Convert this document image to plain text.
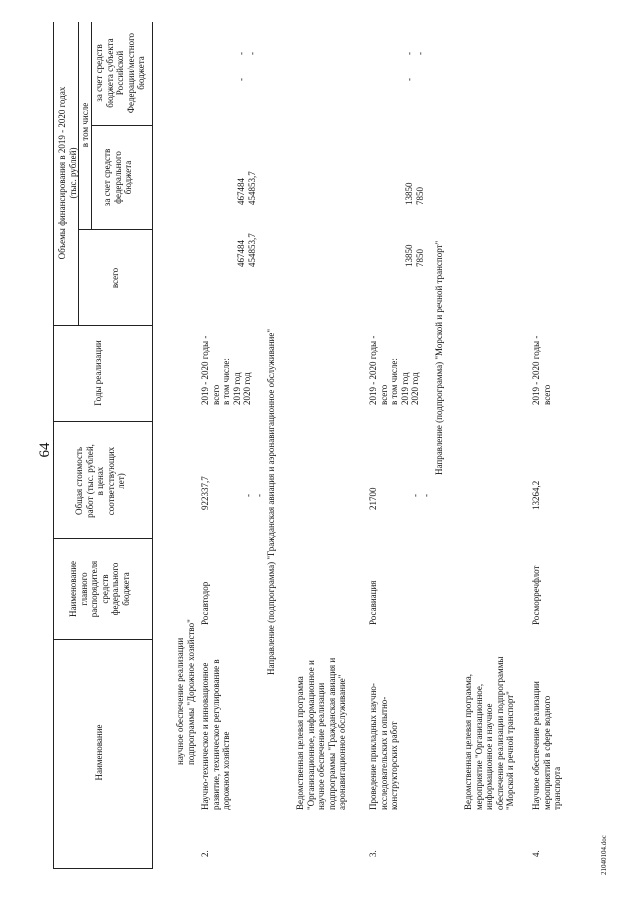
64
Наименование
Наименование
главного
распорядителя
средств
федерального
бюджета
Общая стоимость
работ (тыс. рублей,
в ценах
соответствующих
лет)
Годы реализации
Объемы финансирования в 2019 - 2020 годах
(тыс. рублей)
всего
в том числе
за счет средств
федерального
бюджета
за счет средств
бюджета субъекта
Российской
Федерации/местного
бюджета
научное обеспечение реализации
подпрограммы "Дорожное хозяйство"
2.
Научно-техническое и инновационное
развитие, техническое регулирование в
дорожном хозяйстве
Росавтодор
922337,7
2019 - 2020 годы -
всего
в том числе:
2019 год
2020 год
-
-
467484
454853,7
467484
454853,7
-
-
-
Направление (подпрограмма) "Гражданская авиация и аэронавигационное обслуживание"
Ведомственная целевая программа
"Организационное, информационное и
научное обеспечение реализации
подпрограммы "Гражданская авиация и
аэронавигационное обслуживание"
3.
Проведение прикладных научно-
исследовательских и опытно-
конструкторских работ
Росавиация
21700
2019 - 2020 годы -
всего
в том числе:
2019 год
2020 год
-
-
13850
7850
13850
7850
-
-
-
Направление (подпрограмма) "Морской и речной транспорт"
Ведомственная целевая программа,
мероприятие "Организационное,
информационное и научное
обеспечение реализации подпрограммы
"Морской и речной транспорт"
4.
Научное обеспечение реализации
мероприятий в сфере водного
транспорта
Росморречфлот
13264,2
2019 - 2020 годы -
всего
21040104.doc
